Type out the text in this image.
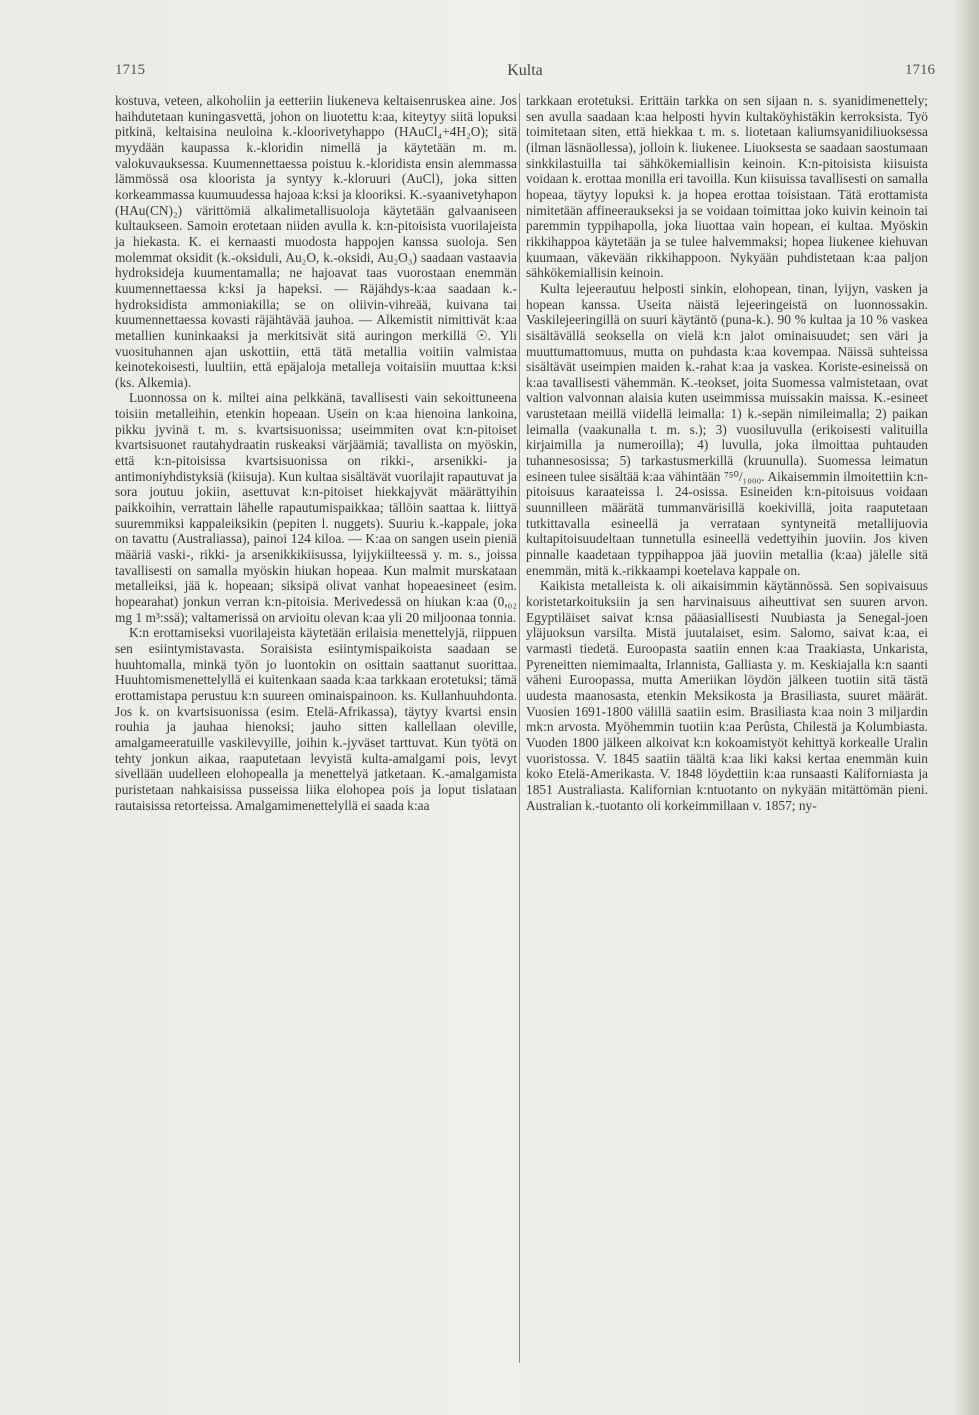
1715	Kulta	1716

kostuva, veteen, alkoholiin ja eetteriin liukeneva keltaisenruskea aine. Jos haihdutetaan kuningasvettä, johon on liuotettu k:aa, kiteytyy siitä lopuksi pitkinä, keltaisina neuloina k.-kloorivetyhappo (HAuCl₄+4H₂O); sitä myydään kaupassa k.-kloridin nimellä ja käytetään m. m. valokuvauksessa. Kuumennettaessa poistuu k.-kloridista ensin alemmassa lämmössä osa kloorista ja syntyy k.-kloruuri (AuCl), joka sitten korkeammassa kuumuudessa hajoaa k:ksi ja klooriksi. K.-syaanivetyhapon (HAu(CN)₂) värittömiä alkalimetallisuoloja käytetään galvaaniseen kultaukseen. Samoin erotetaan niiden avulla k. k:n-pitoisista vuorilajeista ja hiekasta. K. ei kernaasti muodosta happojen kanssa suoloja. Sen molemmat oksidit (k.-oksiduli, Au₂O, k.-oksidi, Au₂O₃) saadaan vastaavia hydroksideja kuumentamalla; ne hajoavat taas vuorostaan enemmän kuumennettaessa k:ksi ja hapeksi. — Räjähdys-k:aa saadaan k.-hydroksidista ammoniakilla; se on oliivin-vihreää, kuivana tai kuumennettaessa kovasti räjähtävää jauhoa. — Alkemistit nimittivät k:aa metallien kuninkaaksi ja merkitsivät sitä auringon merkillä ☉. Yli vuosituhannen ajan uskottiin, että tätä metallia voitiin valmistaa keinotekoisesti, luultiin, että epäjaloja metalleja voitaisiin muuttaa k:ksi (ks. Alkemia).

Luonnossa on k. miltei aina pelkkänä, tavallisesti vain sekoittuneena toisiin metalleihin, etenkin hopeaan. Usein on k:aa hienoina lankoina, pikku jyvinä t. m. s. kvartsisuonissa; useimmiten ovat k:n-pitoiset kvartsisuonet rautahydraatin ruskeaksi värjäämiä; tavallista on myöskin, että k:n-pitoisissa kvartsisuonissa on rikki-, arsenikki- ja antimoniyhdistyksiä (kiisuja). Kun kultaa sisältävät vuorilajit rapautuvat ja sora joutuu jokiin, asettuvat k:n-pitoiset hiekkajyvät määrättyihin paikkoihin, verrattain lähelle rapautumispaikkaa; tällöin saattaa k. liittyä suuremmiksi kappaleiksikin (pepiten l. nuggets). Suuriu k.-kappale, joka on tavattu (Australiassa), painoi 124 kiloa. — K:aa on sangen usein pieniä määriä vaski-, rikki- ja arsenikkikiisussa, lyijykiilteessä y. m. s., joissa tavallisesti on samalla myöskin hiukan hopeaa. Kun malmit murskataan metalleiksi, jää k. hopeaan; siksipä olivat vanhat hopeaesineet (esim. hopearahat) jonkun verran k:n-pitoisia. Merivedessä on hiukan k:aa (0,₀₂ mg 1 m³:ssä); valtamerissä on arvioitu olevan k:aa yli 20 miljoonaa tonnia.

K:n erottamiseksi vuorilajeista käytetään erilaisia menettelyjä, riippuen sen esiintymistavasta. Soraisista esiintymispaikoista saadaan se huuhtomalla, minkä työn jo luontokin on osittain saattanut suorittaa. Huuhtomismenettelyllä ei kuitenkaan saada k:aa tarkkaan erotetuksi; tämä erottamistapa perustuu k:n suureen ominaispainoon. ks. Kullanhuuhdonta. Jos k. on kvartsisuonissa (esim. Etelä-Afrikassa), täytyy kvartsi ensin rouhia ja jauhaa hienoksi; jauho sitten kallellaan oleville, amalgameeratuille vaskilevyille, joihin k.-jyväset tarttuvat. Kun työtä on tehty jonkun aikaa, raaputetaan levyistä kulta-amalgami pois, levyt sivellään uudelleen elohopealla ja menettelyä jatketaan. K.-amalgamista puristetaan nahkaisissa pusseissa liika elohopea pois ja loput tislataan rautaisissa retorteissa. Amalgamimenettelyllä ei saada k:aa

tarkkaan erotetuksi. Erittäin tarkka on sen sijaan n. s. syanidimenettely; sen avulla saadaan k:aa helposti hyvin kultaköyhistäkin kerroksista. Työ toimitetaan siten, että hiekkaa t. m. s. liotetaan kaliumsyanidiliuoksessa (ilman läsnäollessa), jolloin k. liukenee. Liuoksesta se saadaan saostumaan sinkkilastuilla tai sähkökemiallisin keinoin. K:n-pitoisista kiisuista voidaan k. erottaa monilla eri tavoilla. Kun kiisuissa tavallisesti on samalla hopeaa, täytyy lopuksi k. ja hopea erottaa toisistaan. Tätä erottamista nimitetään affineeraukseksi ja se voidaan toimittaa joko kuivin keinoin tai paremmin typpihapolla, joka liuottaa vain hopean, ei kultaa. Myöskin rikkihappoa käytetään ja se tulee halvemmaksi; hopea liukenee kiehuvan kuumaan, väkevään rikkihappoon. Nykyään puhdistetaan k:aa paljon sähkökemiallisin keinoin.

Kulta lejeerautuu helposti sinkin, elohopean, tinan, lyijyn, vasken ja hopean kanssa. Useita näistä lejeeringeistä on luonnossakin. Vaskilejeeringillä on suuri käytäntö (puna-k.). 90 % kultaa ja 10 % vaskea sisältävällä seoksella on vielä k:n jalot ominaisuudet; sen väri ja muuttumattomuus, mutta on puhdasta k:aa kovempaa. Näissä suhteissa sisältävät useimpien maiden k.-rahat k:aa ja vaskea. Koriste-esineissä on k:aa tavallisesti vähemmän. K.-teokset, joita Suomessa valmistetaan, ovat valtion valvonnan alaisia kuten useimmissa muissakin maissa. K.-esineet varustetaan meillä viidellä leimalla: 1) k.-sepän nimileimalla; 2) paikan leimalla (vaakunalla t. m. s.); 3) vuosiluvulla (erikoisesti valituilla kirjaimilla ja numeroilla); 4) luvulla, joka ilmoittaa puhtauden tuhannesosissa; 5) tarkastusmerkillä (kruunulla). Suomessa leimatun esineen tulee sisältää k:aa vähintään ⁷⁵⁰/₁₀₀₀. Aikaisemmin ilmoitettiin k:n-pitoisuus karaateissa l. 24-osissa. Esineiden k:n-pitoisuus voidaan suunnilleen määrätä tummanvärisillä koekivillä, joita raaputetaan tutkittavalla esineellä ja verrataan syntyneitä metallijuovia kultapitoisuudeltaan tunnetulla esineellä vedettyihin juoviin. Jos kiven pinnalle kaadetaan typpihappoa jää juoviin metallia (k:aa) jälelle sitä enemmän, mitä k.-rikkaampi koetelava kappale on.

Kaikista metalleista k. oli aikaisimmin käytännössä. Sen sopivaisuus koristetarkoituksiin ja sen harvinaisuus aiheuttivat sen suuren arvon. Egyptiläiset saivat k:nsa pääasiallisesti Nuubiasta ja Senegal-joen yläjuoksun varsilta. Mistä juutalaiset, esim. Salomo, saivat k:aa, ei varmasti tiedetä. Euroopasta saatiin ennen k:aa Traakiasta, Unkarista, Pyreneitten niemimaalta, Irlannista, Galliasta y. m. Keskiajalla k:n saanti väheni Euroopassa, mutta Ameriikan löydön jälkeen tuotiin sitä tästä uudesta maanosasta, etenkin Meksikosta ja Brasiliasta, suuret määrät. Vuosien 1691-1800 välillä saatiin esim. Brasiliasta k:aa noin 3 miljardin mk:n arvosta. Myöhemmin tuotiin k:aa Perûsta, Chilestä ja Kolumbiasta. Vuoden 1800 jälkeen alkoivat k:n kokoamistyöt kehittyä korkealle Uralin vuoristossa. V. 1845 saatiin täältä k:aa liki kaksi kertaa enemmän kuin koko Etelä-Amerikasta. V. 1848 löydettiin k:aa runsaasti Kaliforniasta ja 1851 Australiasta. Kalifornian k:ntuotanto on nykyään mitättömän pieni. Australian k.-tuotanto oli korkeimmillaan v. 1857; ny-
